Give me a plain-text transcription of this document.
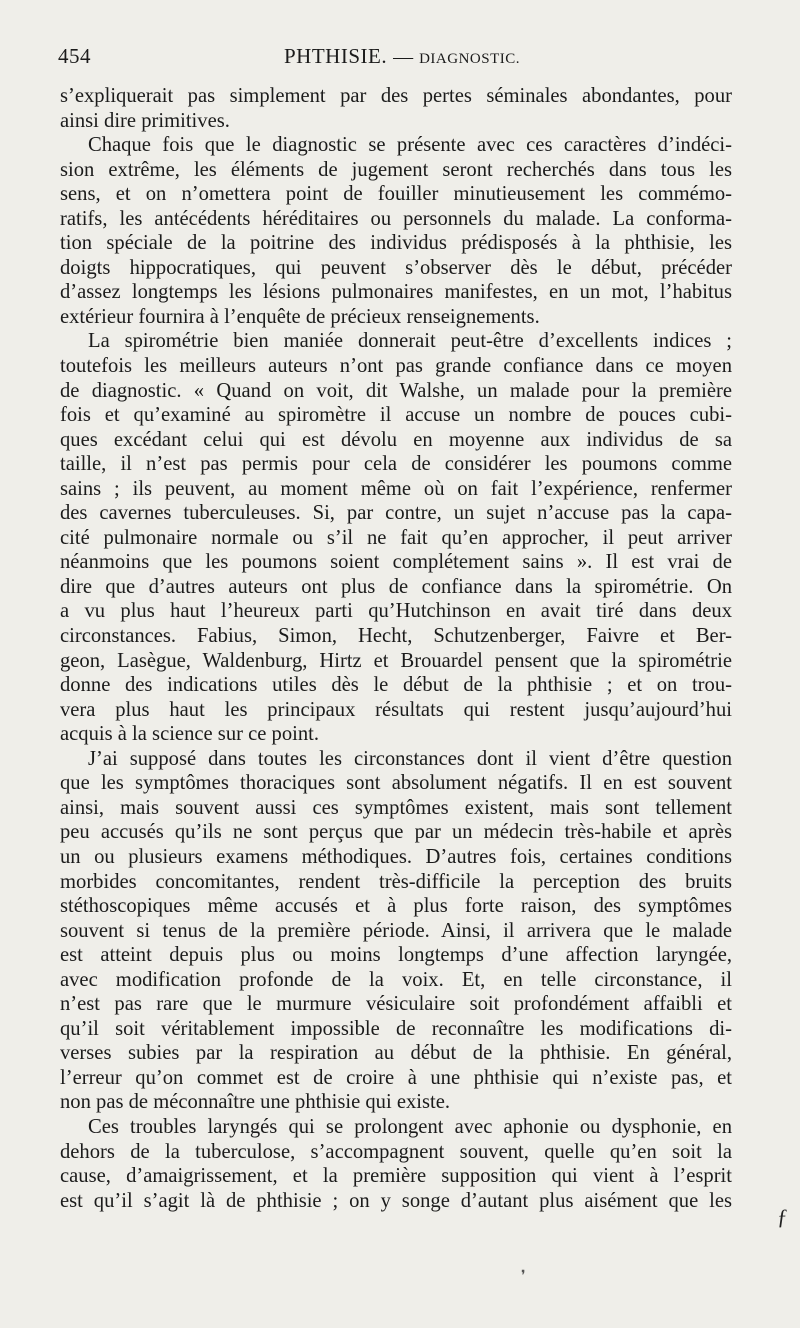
454	PHTHISIE. — DIAGNOSTIC.
s’expliquerait pas simplement par des pertes séminales abondantes, pour
ainsi dire primitives.
Chaque fois que le diagnostic se présente avec ces caractères d’indéci-
sion extrême, les éléments de jugement seront recherchés dans tous les
sens, et on n’omettera point de fouiller minutieusement les commémo-
ratifs, les antécédents héréditaires ou personnels du malade. La conforma-
tion spéciale de la poitrine des individus prédisposés à la phthisie, les
doigts hippocratiques, qui peuvent s’observer dès le début, précéder
d’assez longtemps les lésions pulmonaires manifestes, en un mot, l’habitus
extérieur fournira à l’enquête de précieux renseignements.
La spirométrie bien maniée donnerait peut-être d’excellents indices ;
toutefois les meilleurs auteurs n’ont pas grande confiance dans ce moyen
de diagnostic. « Quand on voit, dit Walshe, un malade pour la première
fois et qu’examiné au spiromètre il accuse un nombre de pouces cubi-
ques excédant celui qui est dévolu en moyenne aux individus de sa
taille, il n’est pas permis pour cela de considérer les poumons comme
sains ; ils peuvent, au moment même où on fait l’expérience, renfermer
des cavernes tuberculeuses. Si, par contre, un sujet n’accuse pas la capa-
cité pulmonaire normale ou s’il ne fait qu’en approcher, il peut arriver
néanmoins que les poumons soient complétement sains ». Il est vrai de
dire que d’autres auteurs ont plus de confiance dans la spirométrie. On
a vu plus haut l’heureux parti qu’Hutchinson en avait tiré dans deux
circonstances. Fabius, Simon, Hecht, Schutzenberger, Faivre et Ber-
geon, Lasègue, Waldenburg, Hirtz et Brouardel pensent que la spirométrie
donne des indications utiles dès le début de la phthisie ; et on trou-
vera plus haut les principaux résultats qui restent jusqu’aujourd’hui
acquis à la science sur ce point.
J’ai supposé dans toutes les circonstances dont il vient d’être question
que les symptômes thoraciques sont absolument négatifs. Il en est souvent
ainsi, mais souvent aussi ces symptômes existent, mais sont tellement
peu accusés qu’ils ne sont perçus que par un médecin très-habile et après
un ou plusieurs examens méthodiques. D’autres fois, certaines conditions
morbides concomitantes, rendent très-difficile la perception des bruits
stéthoscopiques même accusés et à plus forte raison, des symptômes
souvent si tenus de la première période. Ainsi, il arrivera que le malade
est atteint depuis plus ou moins longtemps d’une affection laryngée,
avec modification profonde de la voix. Et, en telle circonstance, il
n’est pas rare que le murmure vésiculaire soit profondément affaibli et
qu’il soit véritablement impossible de reconnaître les modifications di-
verses subies par la respiration au début de la phthisie. En général,
l’erreur qu’on commet est de croire à une phthisie qui n’existe pas, et
non pas de méconnaître une phthisie qui existe.
Ces troubles laryngés qui se prolongent avec aphonie ou dysphonie, en
dehors de la tuberculose, s’accompagnent souvent, quelle qu’en soit la
cause, d’amaigrissement, et la première supposition qui vient à l’esprit
est qu’il s’agit là de phthisie ; on y songe d’autant plus aisément que les
ƒ
❜
